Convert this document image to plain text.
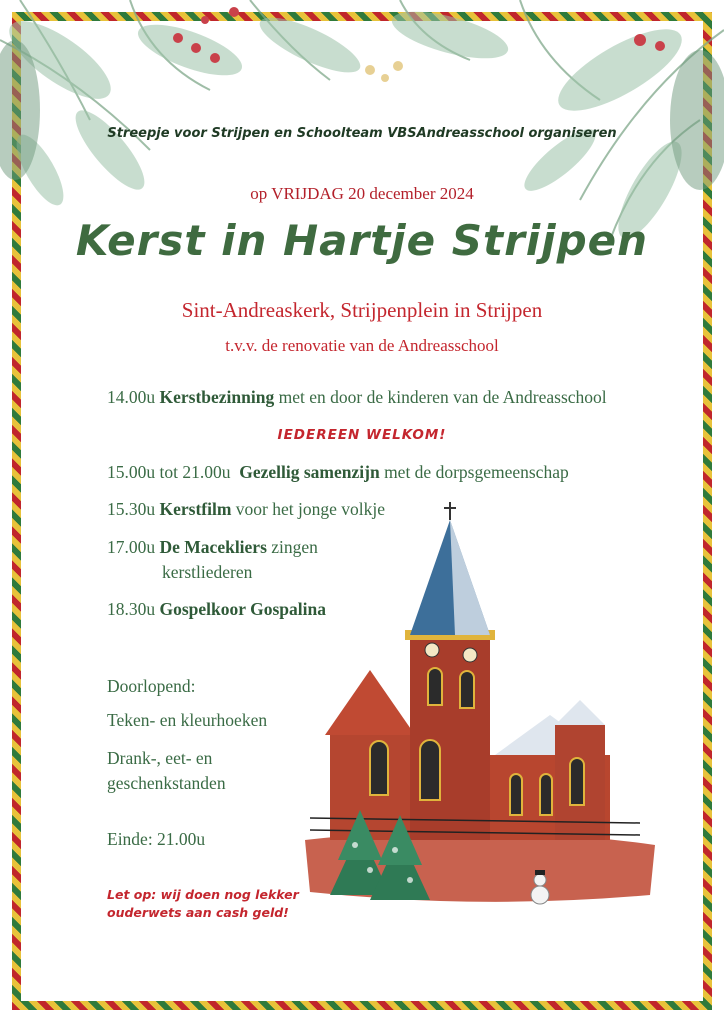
Streepje voor Strijpen en Schoolteam VBSAndreasschool organiseren
op VRIJDAG 20 december 2024
Kerst in Hartje Strijpen
Sint-Andreaskerk, Strijpenplein in Strijpen
t.v.v. de renovatie van de Andreasschool
14.00u Kerstbezinning met en door de kinderen van de Andreasschool
IEDEREEN WELKOM!
15.00u tot 21.00u Gezellig samenzijn met de dorpsgemeenschap
15.30u Kerstfilm voor het jonge volkje
17.00u De Macekliers zingen
kerstliederen
18.30u Gospelkoor Gospalina
Doorlopend:
Teken- en kleurhoeken
Drank-, eet- en
geschenkstanden
Einde: 21.00u
Let op: wij doen nog lekker
ouderwets aan cash geld!
